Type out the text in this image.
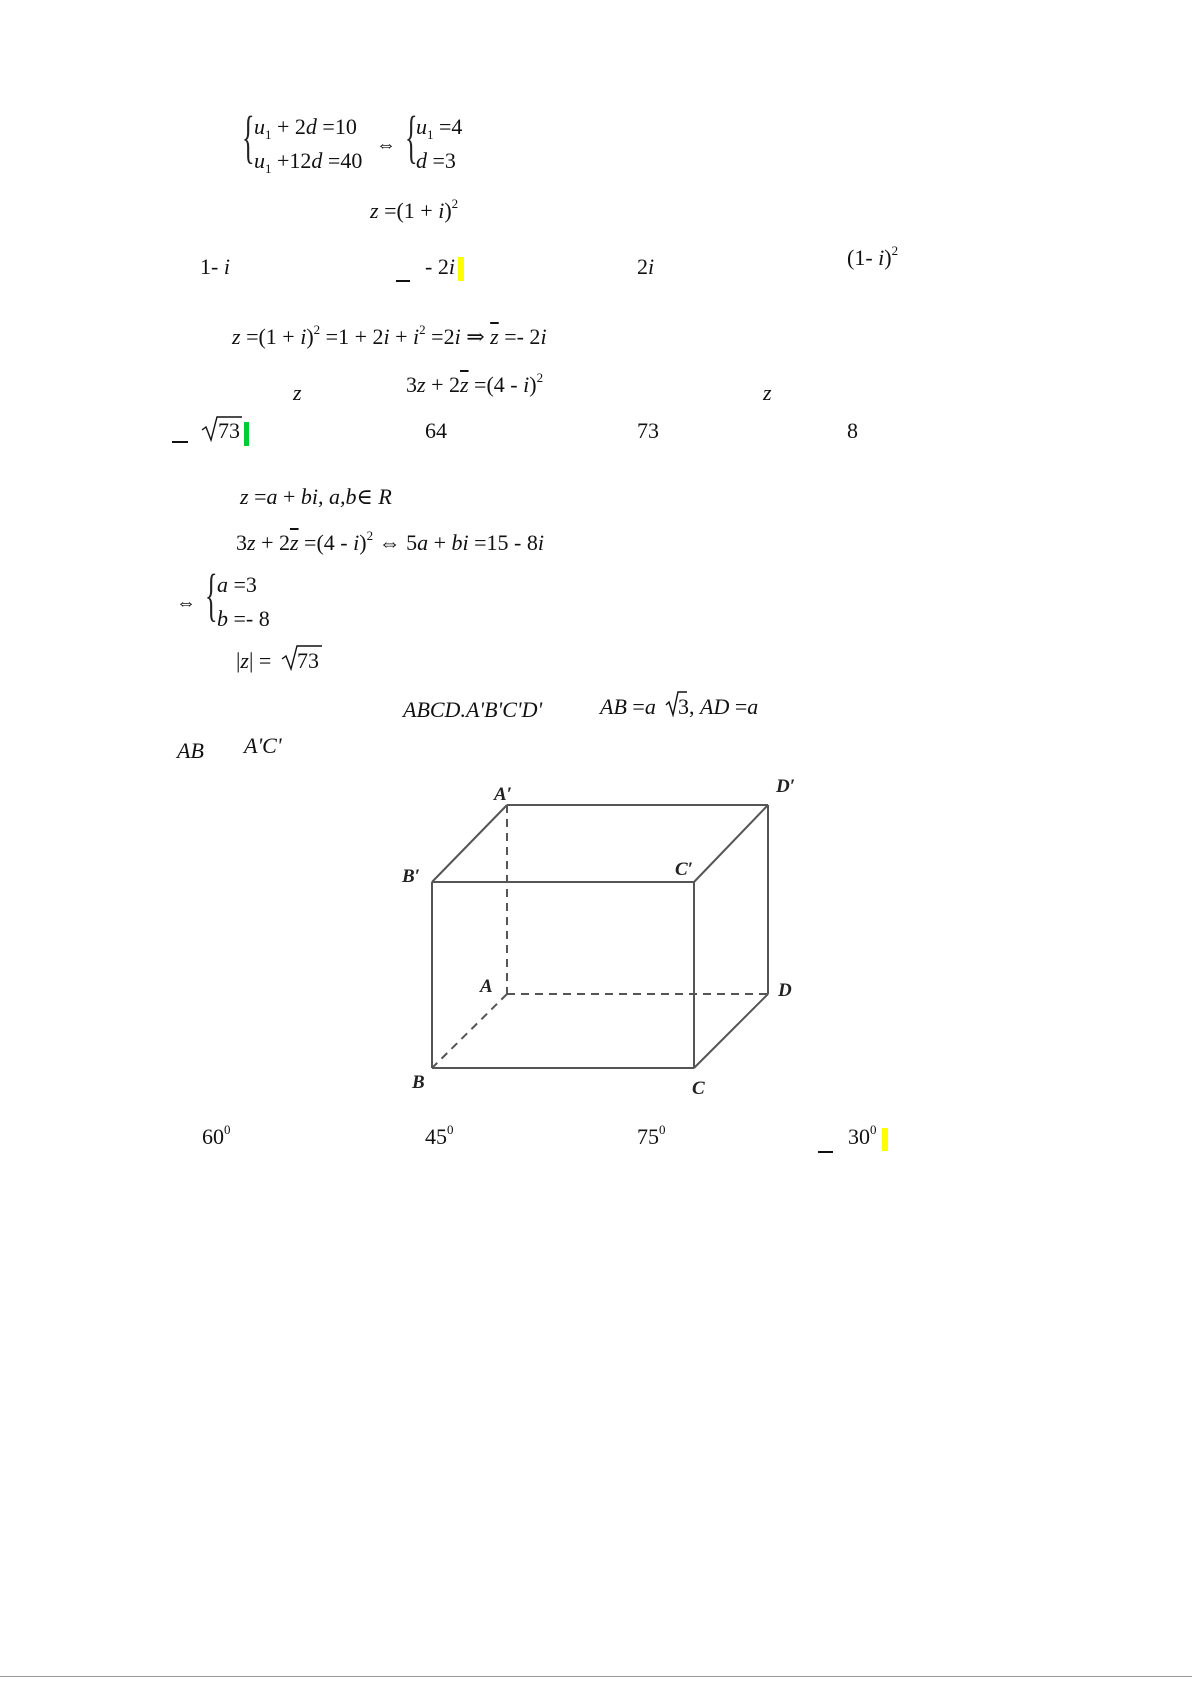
{ $u_1 + 2d =10$
$u_1 +12d =40$
⇔ {
$u_1 =4$
d =3
$z =(1 + i)^2$
1- i	- 2i	2i	(1- i)$^2$
$z =(1 + i)^2 =1 + 2i + i^2 =2i$ ⇒ $\overline{z} =- 2i$
z	$3z + 2\overline{z} =(4 - i)^2$
z
73	64	73	8
z =a + bi, a,b∈ R
$3z + 2\overline{z} =(4 - i)^2$ ⇔ 5a + bi =15 - 8i
⇔ { a =3
b =- 8
|z| = 73
ABCD.A'B'C'D'	AB =a 3, AD =a
AB A'C'
A′	D′
B′	C′
A	D
B	C
$60^0$	$45^0$	$75^0$	$30^0$
